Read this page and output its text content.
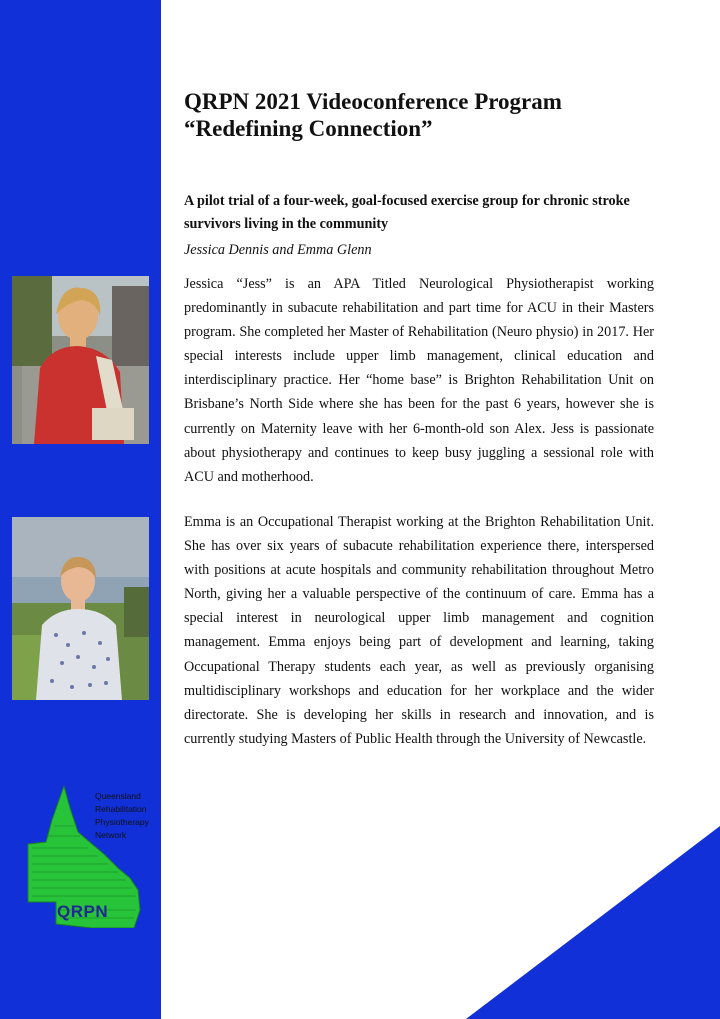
QRPN 2021 Videoconference Program

“Redefining Connection”

A pilot trial of a four-week, goal-focused exercise group for chronic stroke survivors living in the community

Jessica Dennis and Emma Glenn

Jessica “Jess” is an APA Titled Neurological Physiotherapist working predominantly in subacute rehabilitation and part time for ACU in their Masters program. She completed her Master of Rehabilitation (Neuro physio) in 2017. Her special interests include upper limb management, clinical education and interdisciplinary practice. Her “home base” is Brighton Rehabilitation Unit on Brisbane’s North Side where she has been for the past 6 years, however she is currently on Maternity leave with her 6-month-old son Alex. Jess is passionate about physiotherapy and continues to keep busy juggling a sessional role with ACU and motherhood.

Emma is an Occupational Therapist working at the Brighton Rehabilitation Unit. She has over six years of subacute rehabilitation experience there, interspersed with positions at acute hospitals and community rehabilitation throughout Metro North, giving her a valuable perspective of the continuum of care. Emma has a special interest in neurological upper limb management and cognition management. Emma enjoys being part of development and learning, taking Occupational Therapy students each year, as well as previously organising multidisciplinary workshops and education for her workplace and the wider directorate. She is developing her skills in research and innovation, and is currently studying Masters of Public Health through the University of Newcastle.

Queensland
Rehabilitation
Physiotherapy
Network
QRPN
